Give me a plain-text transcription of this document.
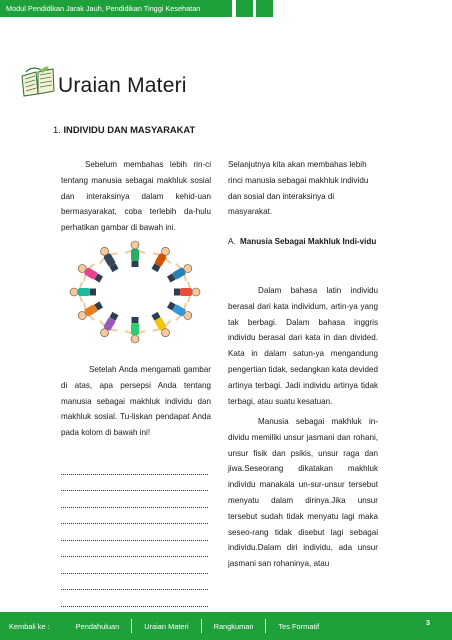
Modul Pendidikan Jarak Jauh, Pendidikan Tinggi Kesehatan
Uraian Materi
1. INDIVIDU DAN MASYARAKAT

Sebelum membahas lebih rin-ci tentang manusia sebagai makhluk sosial dan interaksinya dalam kehid-uan bermasyarakat, coba terlebih da-hulu perhatikan gambar di bawah ini.

Setelah Anda mengamati gambar di atas, apa persepsi Anda tentang manusia sebagai makhluk individu dan makhluk sosial. Tu-liskan pendapat Anda pada kolom di bawah ini!

Selanjutnya kita akan membahas lebih rinci manusia sebagai makhluk individu dan sosial dan interaksinya di masyarakat.

A. Manusia Sebagai Makhluk Indi-vidu

Dalam bahasa latin individu berasal dari kata individum, artin-ya yang tak berbagi. Dalam bahasa inggris individu berasal dari kata in dan divided. Kata in dalam satun-ya mengandung pengertian tidak, sedangkan kata devided artinya terbagi. Jadi individu artinya tidak terbagi, atau suatu kesatuan.

Manusia sebagai makhluk in-dividu memiliki unsur jasmani dan rohani, unsur fisik dan psikis, unsur raga dan jiwa.Seseorang dikatakan makhluk individu manakala un-sur-unsur tersebut menyatu dalam dirinya.Jika unsur tersebut sudah tidak menyatu lagi maka seseo-rang tidak disebut lagi sebagai individu.Dalam diri individu, ada unsur jasmani san rohaninya, atau

Kembali ke :	Pendahuluan	Uraian Materi	Rangkuman	Tes Formatif	3
